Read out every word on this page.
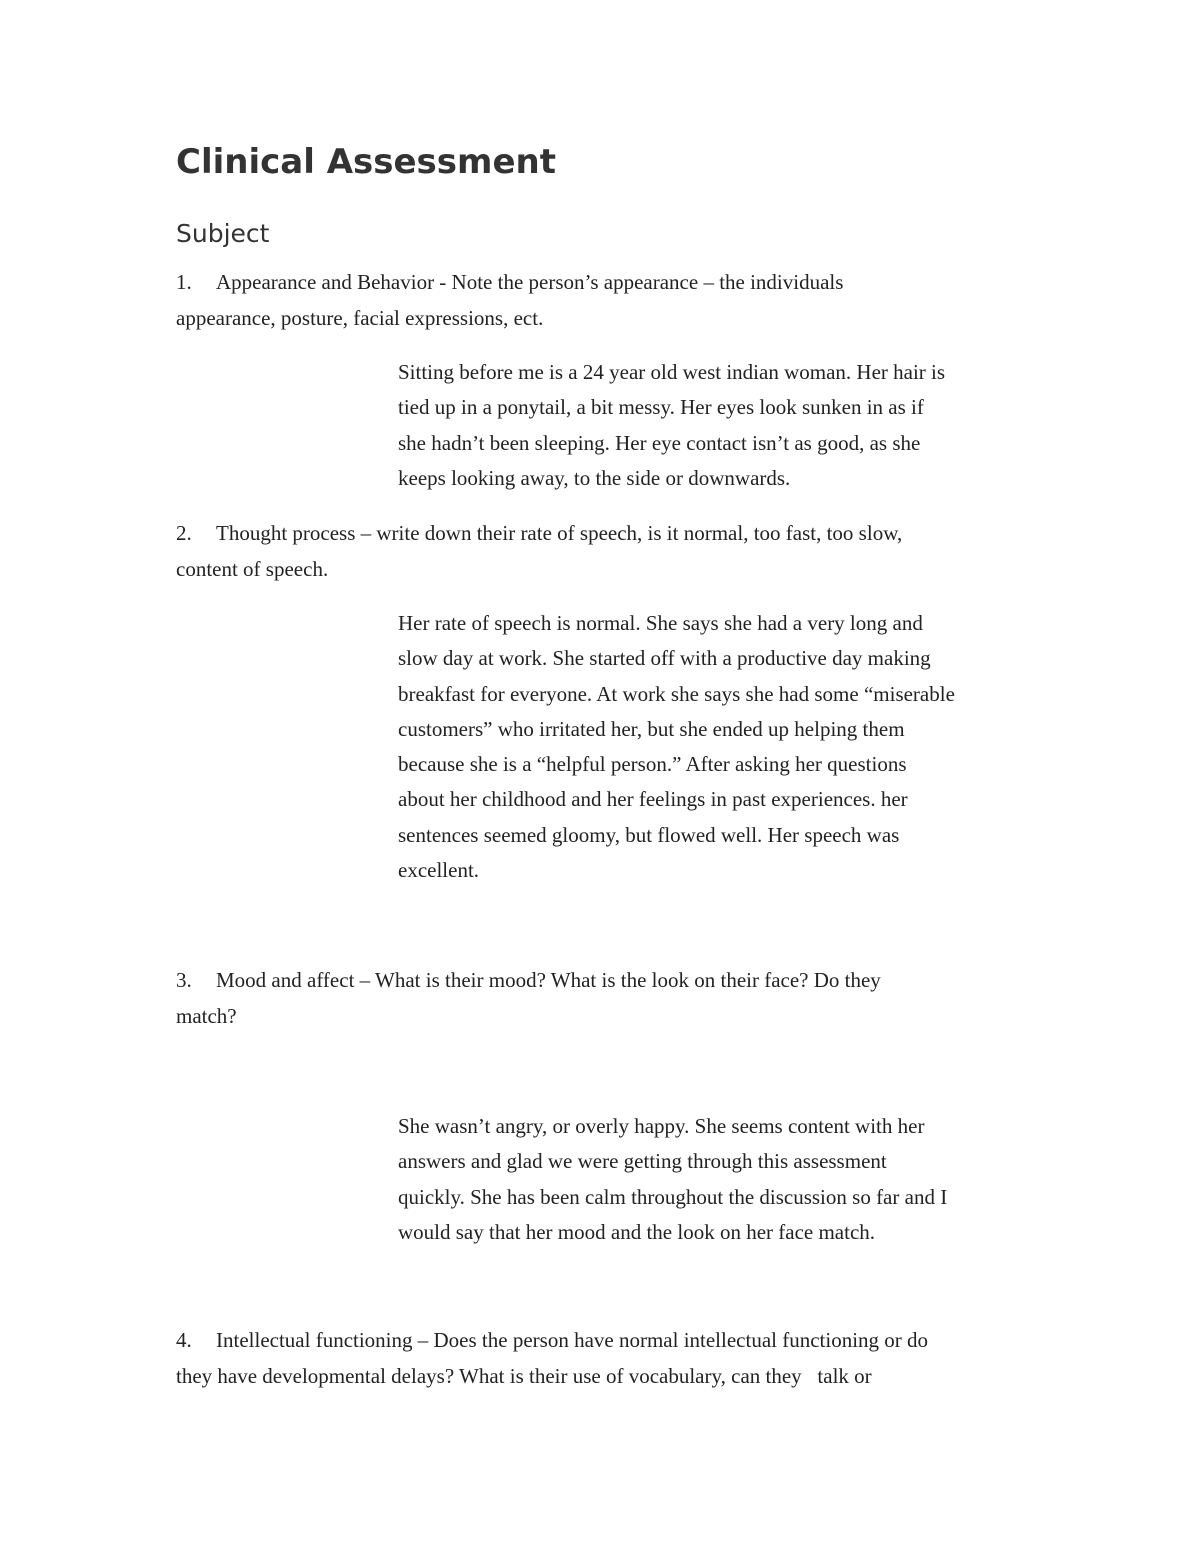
Clinical Assessment
Subject
1. Appearance and Behavior - Note the person’s appearance – the individuals
appearance, posture, facial expressions, ect.
Sitting before me is a 24 year old west indian woman. Her hair is
tied up in a ponytail, a bit messy. Her eyes look sunken in as if
she hadn’t been sleeping. Her eye contact isn’t as good, as she
keeps looking away, to the side or downwards.
2. Thought process – write down their rate of speech, is it normal, too fast, too slow,
content of speech.
Her rate of speech is normal. She says she had a very long and
slow day at work. She started off with a productive day making
breakfast for everyone. At work she says she had some “miserable
customers” who irritated her, but she ended up helping them
because she is a “helpful person.” After asking her questions
about her childhood and her feelings in past experiences. her
sentences seemed gloomy, but flowed well. Her speech was
excellent.
3. Mood and affect – What is their mood? What is the look on their face? Do they
match?
She wasn’t angry, or overly happy. She seems content with her
answers and glad we were getting through this assessment
quickly. She has been calm throughout the discussion so far and I
would say that her mood and the look on her face match.
4. Intellectual functioning – Does the person have normal intellectual functioning or do
they have developmental delays? What is their use of vocabulary, can they   talk or
